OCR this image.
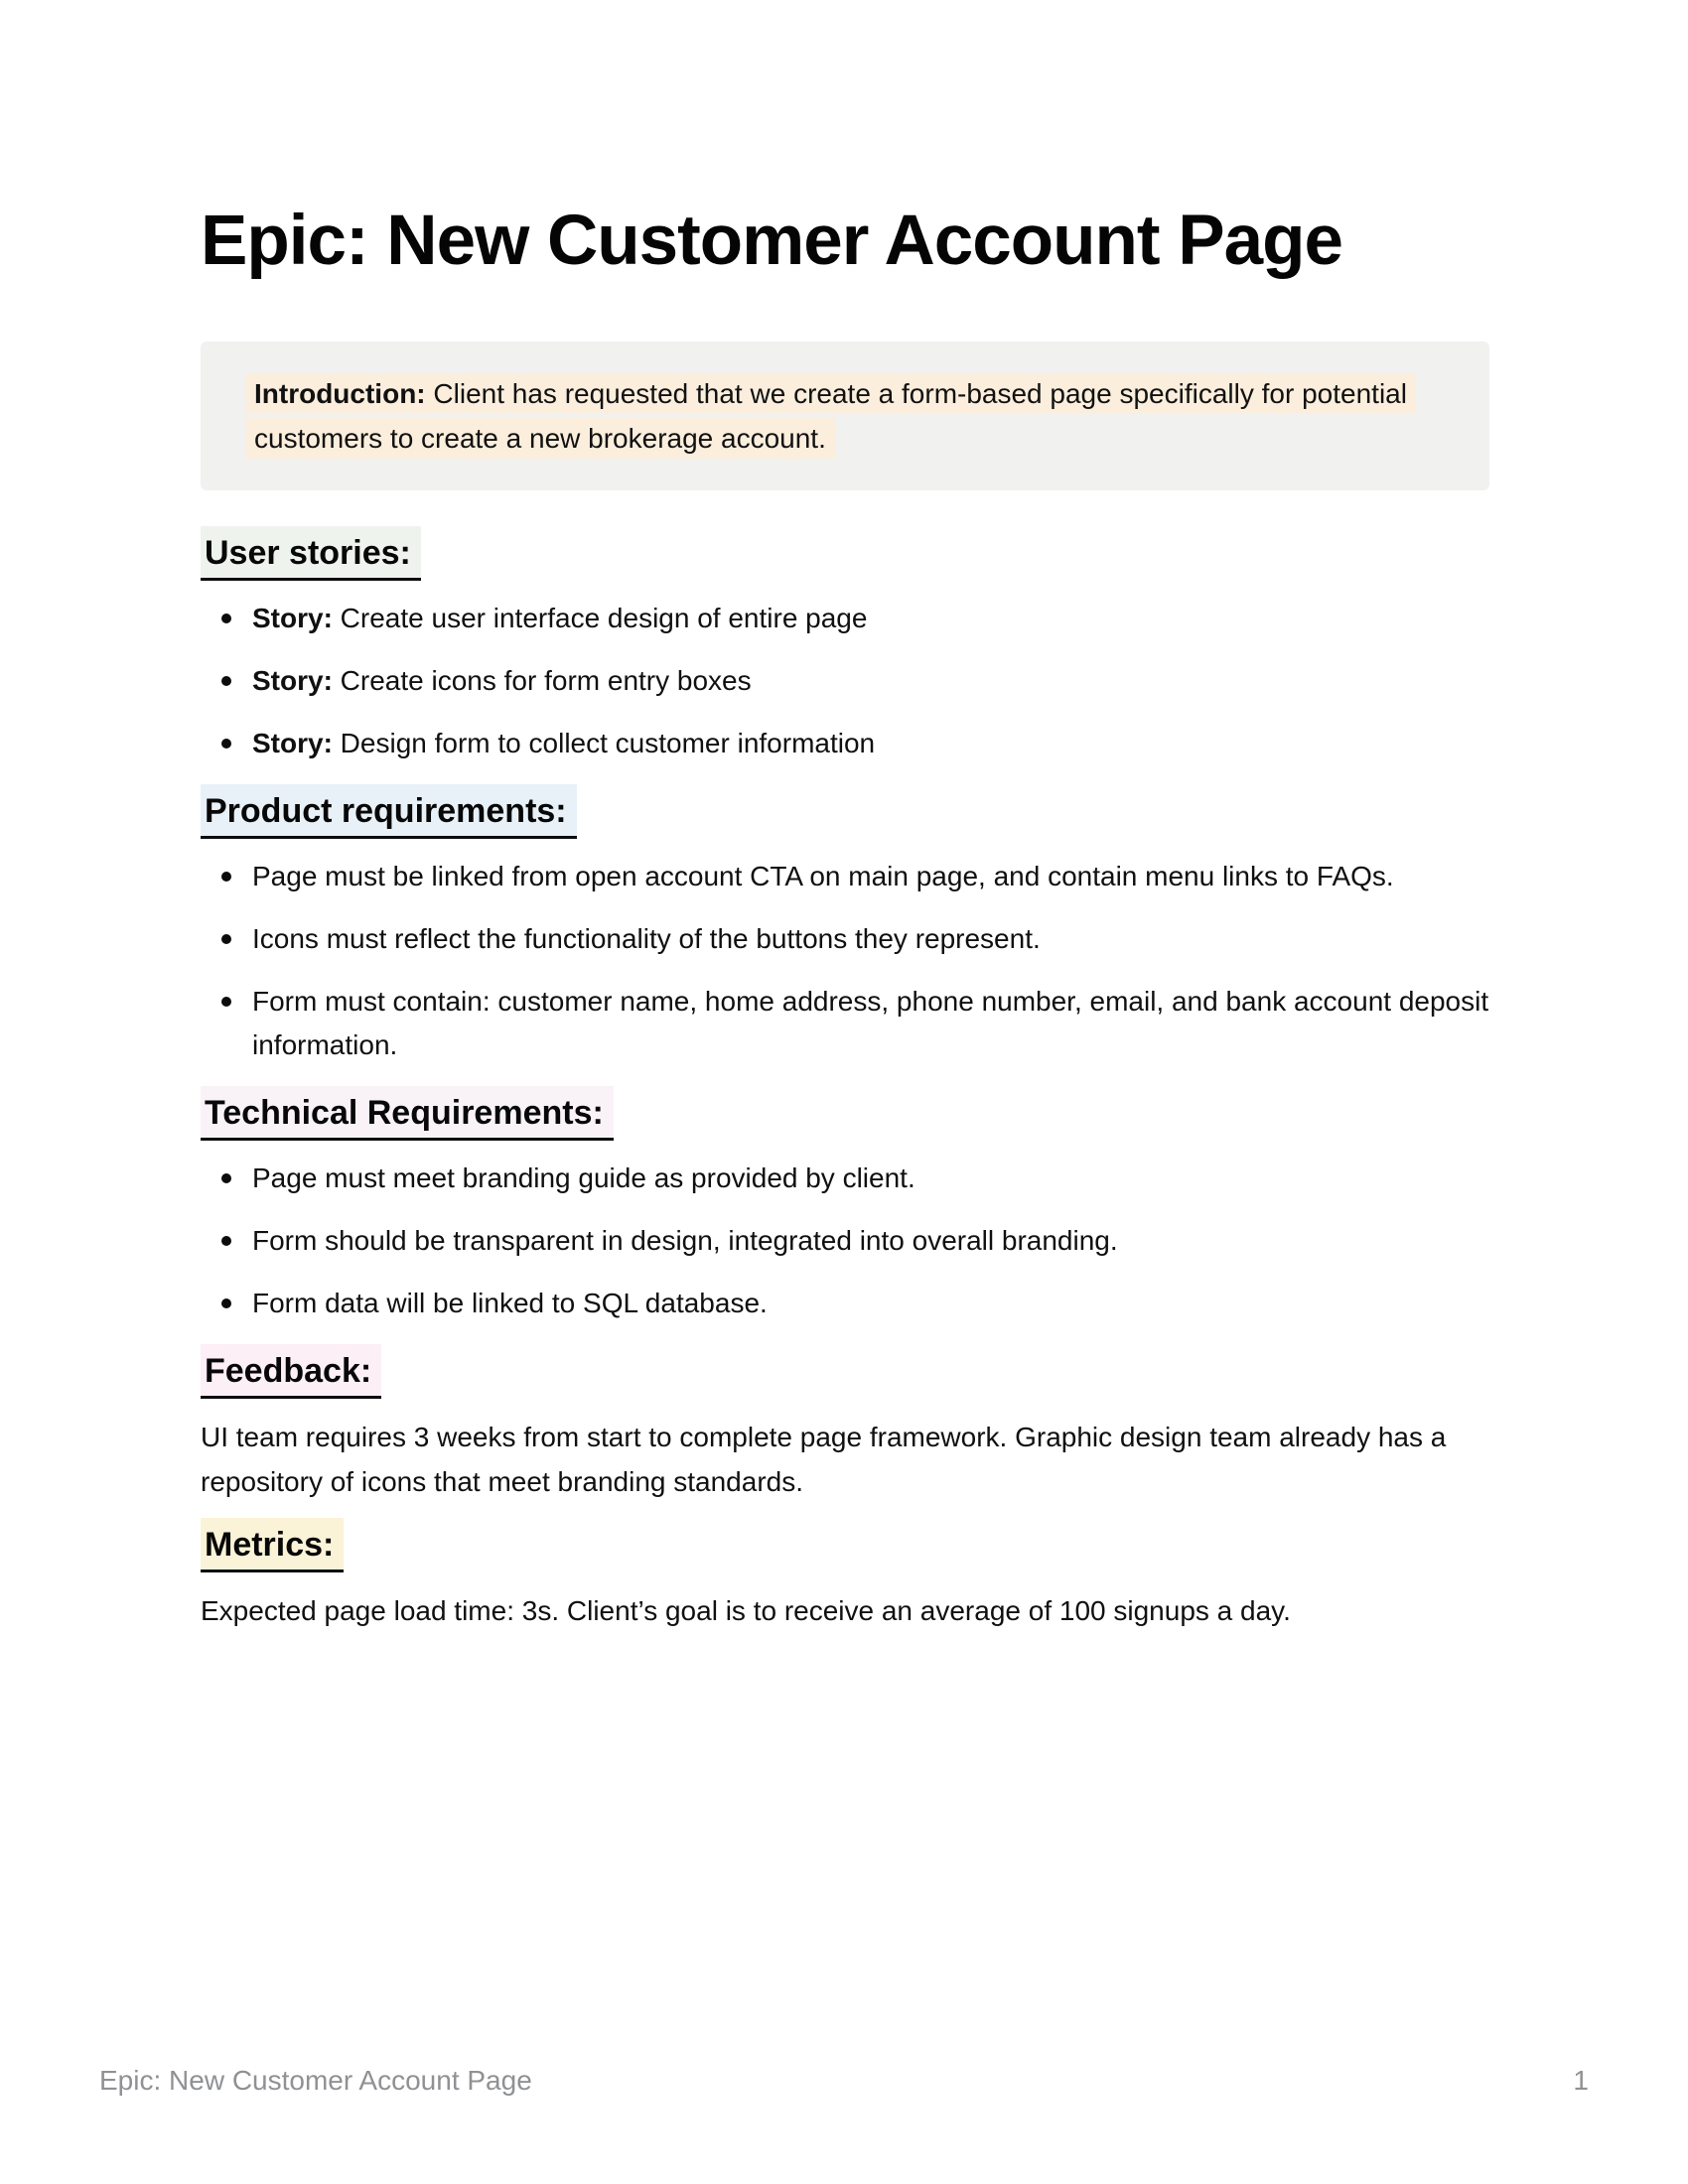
Epic: New Customer Account Page

Introduction: Client has requested that we create a form-based page specifically for potential customers to create a new brokerage account.

User stories:
Story: Create user interface design of entire page
Story: Create icons for form entry boxes
Story: Design form to collect customer information
Product requirements:
Page must be linked from open account CTA on main page, and contain menu links to FAQs.
Icons must reflect the functionality of the buttons they represent.
Form must contain: customer name, home address, phone number, email, and bank account deposit information.
Technical Requirements:
Page must meet branding guide as provided by client.
Form should be transparent in design, integrated into overall branding.
Form data will be linked to SQL database.
Feedback:

UI team requires 3 weeks from start to complete page framework. Graphic design team already has a repository of icons that meet branding standards.

Metrics:

Expected page load time: 3s. Client’s goal is to receive an average of 100 signups a day.

Epic: New Customer Account Page	1
